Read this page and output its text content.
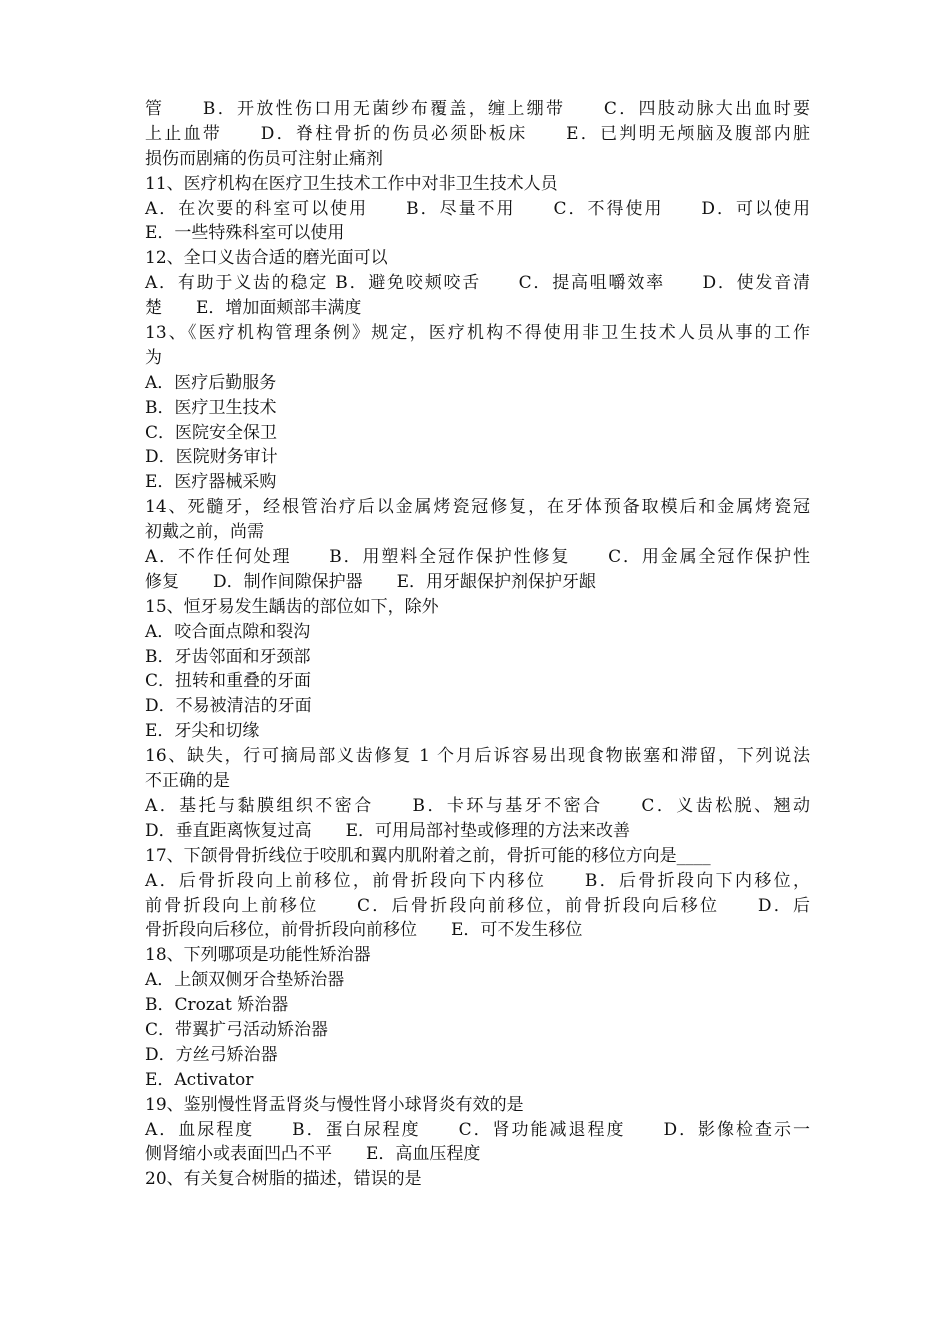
管　　B．开放性伤口用无菌纱布覆盖，缠上绷带　　C．四肢动脉大出血时要
上止血带　　D．脊柱骨折的伤员必须卧板床　　E．已判明无颅脑及腹部内脏
损伤而剧痛的伤员可注射止痛剂
11、医疗机构在医疗卫生技术工作中对非卫生技术人员
A．在次要的科室可以使用　　B．尽量不用　　C．不得使用　　D．可以使用
E．一些特殊科室可以使用
12、全口义齿合适的磨光面可以
A．有助于义齿的稳定 B．避免咬颊咬舌　　C．提高咀嚼效率　　D．使发音清
楚　　E．增加面颊部丰满度
13、《医疗机构管理条例》规定，医疗机构不得使用非卫生技术人员从事的工作
为
A．医疗后勤服务
B．医疗卫生技术
C．医院安全保卫
D．医院财务审计
E．医疗器械采购
14、死髓牙，经根管治疗后以金属烤瓷冠修复，在牙体预备取模后和金属烤瓷冠
初戴之前，尚需
A．不作任何处理　　B．用塑料全冠作保护性修复　　C．用金属全冠作保护性
修复　　D．制作间隙保护器　　E．用牙龈保护剂保护牙龈
15、恒牙易发生龋齿的部位如下，除外
A．咬合面点隙和裂沟
B．牙齿邻面和牙颈部
C．扭转和重叠的牙面
D．不易被清洁的牙面
E．牙尖和切缘
16、缺失，行可摘局部义齿修复 1 个月后诉容易出现食物嵌塞和滞留，下列说法
不正确的是
A．基托与黏膜组织不密合　　B．卡环与基牙不密合　　C．义齿松脱、翘动
D．垂直距离恢复过高　　E．可用局部衬垫或修理的方法来改善
17、下颌骨骨折线位于咬肌和翼内肌附着之前，骨折可能的移位方向是____
A．后骨折段向上前移位，前骨折段向下内移位　　B．后骨折段向下内移位，
前骨折段向上前移位　　C．后骨折段向前移位，前骨折段向后移位　　D．后
骨折段向后移位，前骨折段向前移位　　E．可不发生移位
18、下列哪项是功能性矫治器
A．上颌双侧牙合垫矫治器
B．Crozat 矫治器
C．带翼扩弓活动矫治器
D．方丝弓矫治器
E．Activator
19、鉴别慢性肾盂肾炎与慢性肾小球肾炎有效的是
A．血尿程度　　B．蛋白尿程度　　C．肾功能减退程度　　D．影像检查示一
侧肾缩小或表面凹凸不平　　E．高血压程度
20、有关复合树脂的描述，错误的是
